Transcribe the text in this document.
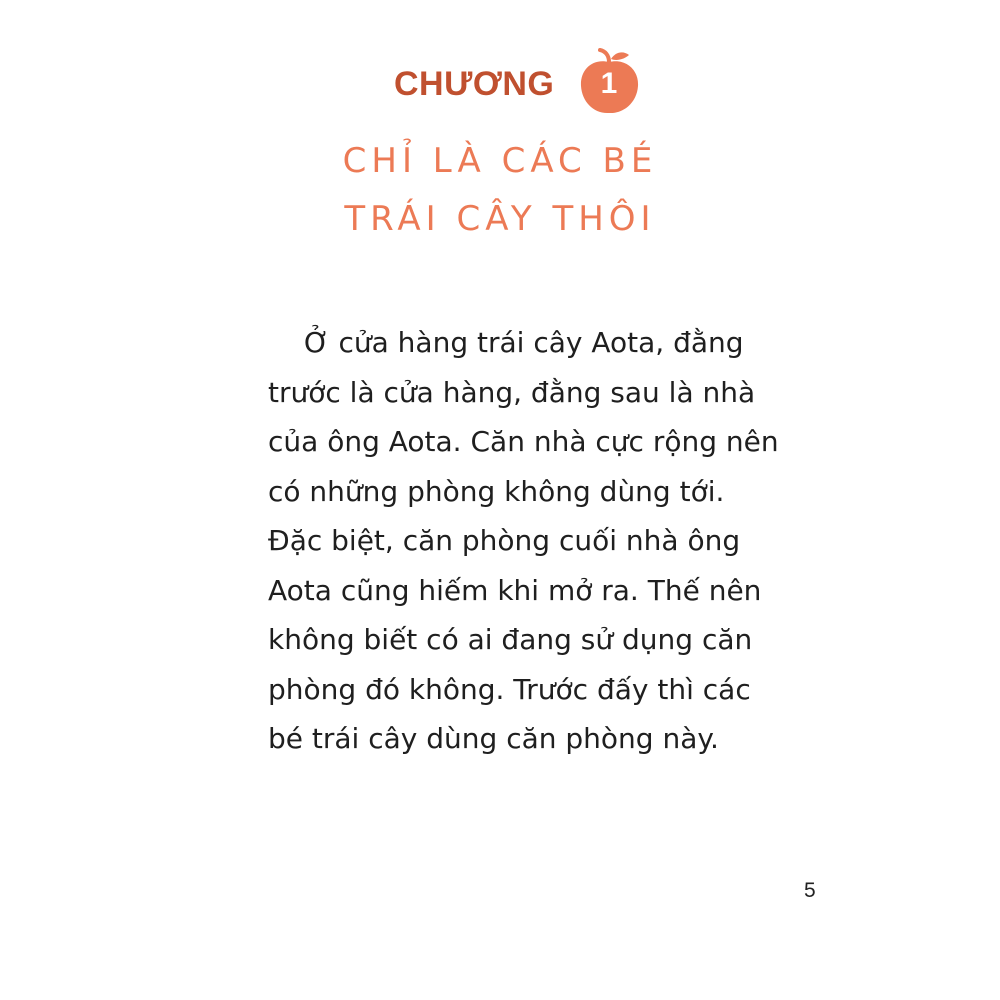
CHƯƠNG	1
CHỈ LÀ CÁC BÉ
TRÁI CÂY THÔI
Ở cửa hàng trái cây Aota, đằng
trước là cửa hàng, đằng sau là nhà
của ông Aota. Căn nhà cực rộng nên
có những phòng không dùng tới.
Đặc biệt, căn phòng cuối nhà ông
Aota cũng hiếm khi mở ra. Thế nên
không biết có ai đang sử dụng căn
phòng đó không. Trước đấy thì các
bé trái cây dùng căn phòng này.
5
